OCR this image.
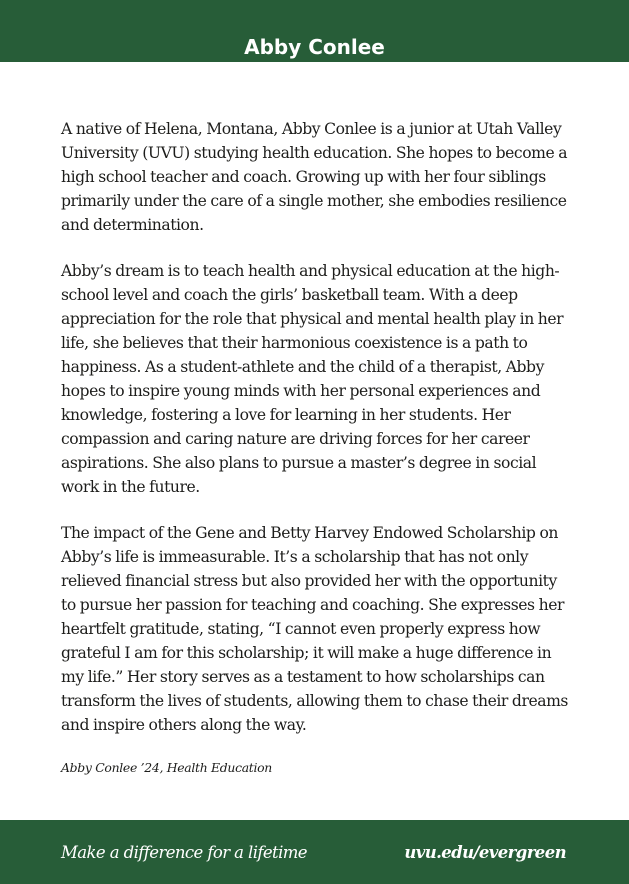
Abby Conlee

A native of Helena, Montana, Abby Conlee is a junior at Utah Valley University (UVU) studying health education. She hopes to become a high school teacher and coach. Growing up with her four siblings primarily under the care of a single mother, she embodies resilience and determination.

Abby’s dream is to teach health and physical education at the high-school level and coach the girls’ basketball team. With a deep appreciation for the role that physical and mental health play in her life, she believes that their harmonious coexistence is a path to happiness. As a student-athlete and the child of a therapist, Abby hopes to inspire young minds with her personal experiences and knowledge, fostering a love for learning in her students. Her compassion and caring nature are driving forces for her career aspirations. She also plans to pursue a master’s degree in social work in the future.

The impact of the Gene and Betty Harvey Endowed Scholarship on Abby’s life is immeasurable. It’s a scholarship that has not only relieved financial stress but also provided her with the opportunity to pursue her passion for teaching and coaching. She expresses her heartfelt gratitude, stating, “I cannot even properly express how grateful I am for this scholarship; it will make a huge difference in my life.” Her story serves as a testament to how scholarships can transform the lives of students, allowing them to chase their dreams and inspire others along the way.

Abby Conlee ’24, Health Education

Make a difference for a lifetime	uvu.edu/evergreen
